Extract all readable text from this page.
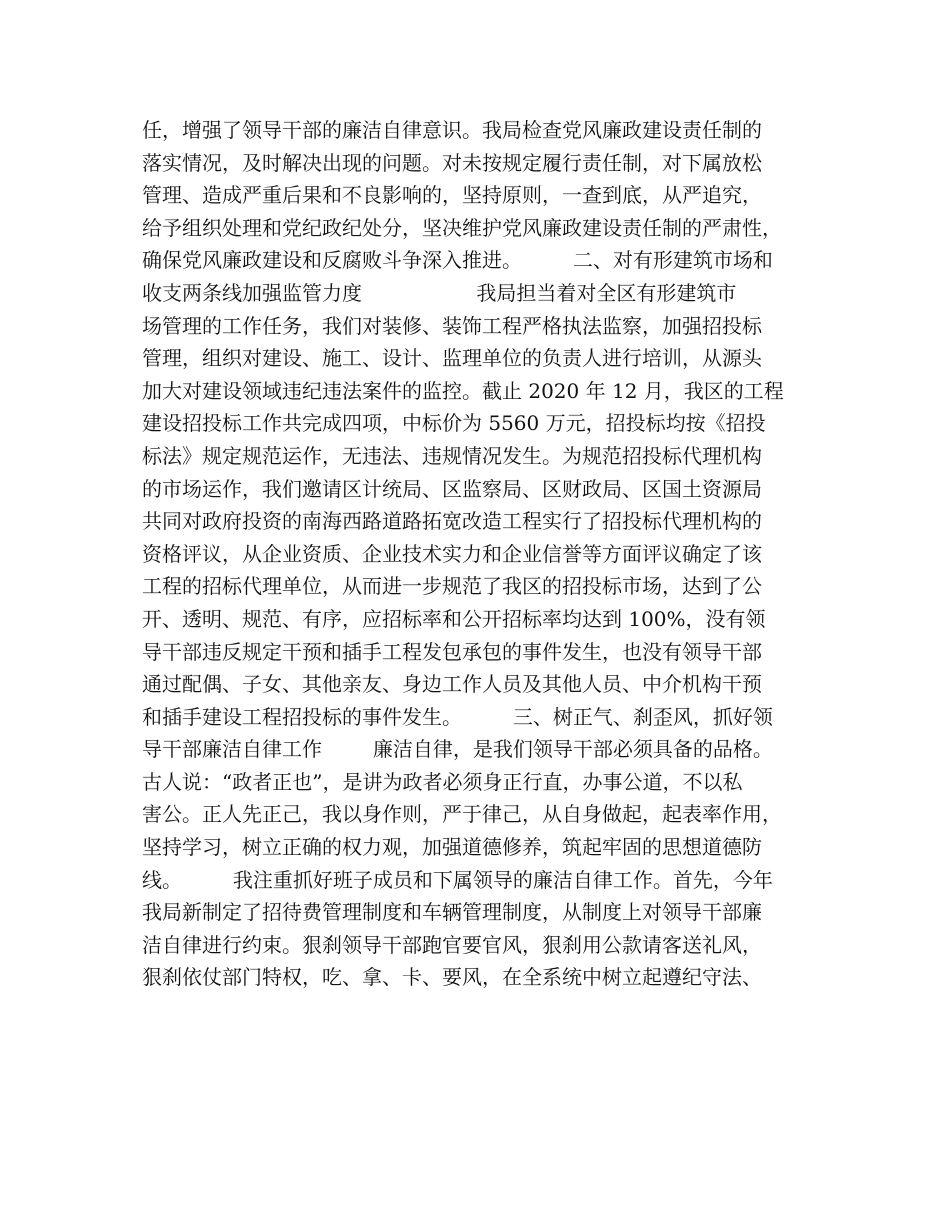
任，增强了领导干部的廉洁自律意识。我局检查党风廉政建设责任制的
落实情况，及时解决出现的问题。对未按规定履行责任制，对下属放松
管理、造成严重后果和不良影响的，坚持原则，一查到底，从严追究，
给予组织处理和党纪政纪处分，坚决维护党风廉政建设责任制的严肃性，
确保党风廉政建设和反腐败斗争深入推进。        二、对有形建筑市场和
收支两条线加强监管力度                  我局担当着对全区有形建筑市
场管理的工作任务，我们对装修、装饰工程严格执法监察，加强招投标
管理，组织对建设、施工、设计、监理单位的负责人进行培训，从源头
加大对建设领域违纪违法案件的监控。截止 2020 年 12 月，我区的工程
建设招投标工作共完成四项，中标价为 5560 万元，招投标均按《招投
标法》规定规范运作，无违法、违规情况发生。为规范招投标代理机构
的市场运作，我们邀请区计统局、区监察局、区财政局、区国土资源局
共同对政府投资的南海西路道路拓宽改造工程实行了招投标代理机构的
资格评议，从企业资质、企业技术实力和企业信誉等方面评议确定了该
工程的招标代理单位，从而进一步规范了我区的招投标市场，达到了公
开、透明、规范、有序，应招标率和公开招标率均达到 100%，没有领
导干部违反规定干预和插手工程发包承包的事件发生，也没有领导干部
通过配偶、子女、其他亲友、身边工作人员及其他人员、中介机构干预
和插手建设工程招投标的事件发生。        三、树正气、刹歪风，抓好领
导干部廉洁自律工作        廉洁自律，是我们领导干部必须具备的品格。
古人说：“政者正也”，是讲为政者必须身正行直，办事公道，不以私
害公。正人先正己，我以身作则，严于律己，从自身做起，起表率作用，
坚持学习，树立正确的权力观，加强道德修养，筑起牢固的思想道德防
线。        我注重抓好班子成员和下属领导的廉洁自律工作。首先，今年
我局新制定了招待费管理制度和车辆管理制度，从制度上对领导干部廉
洁自律进行约束。狠刹领导干部跑官要官风，狠刹用公款请客送礼风，
狠刹依仗部门特权，吃、拿、卡、要风，在全系统中树立起遵纪守法、
